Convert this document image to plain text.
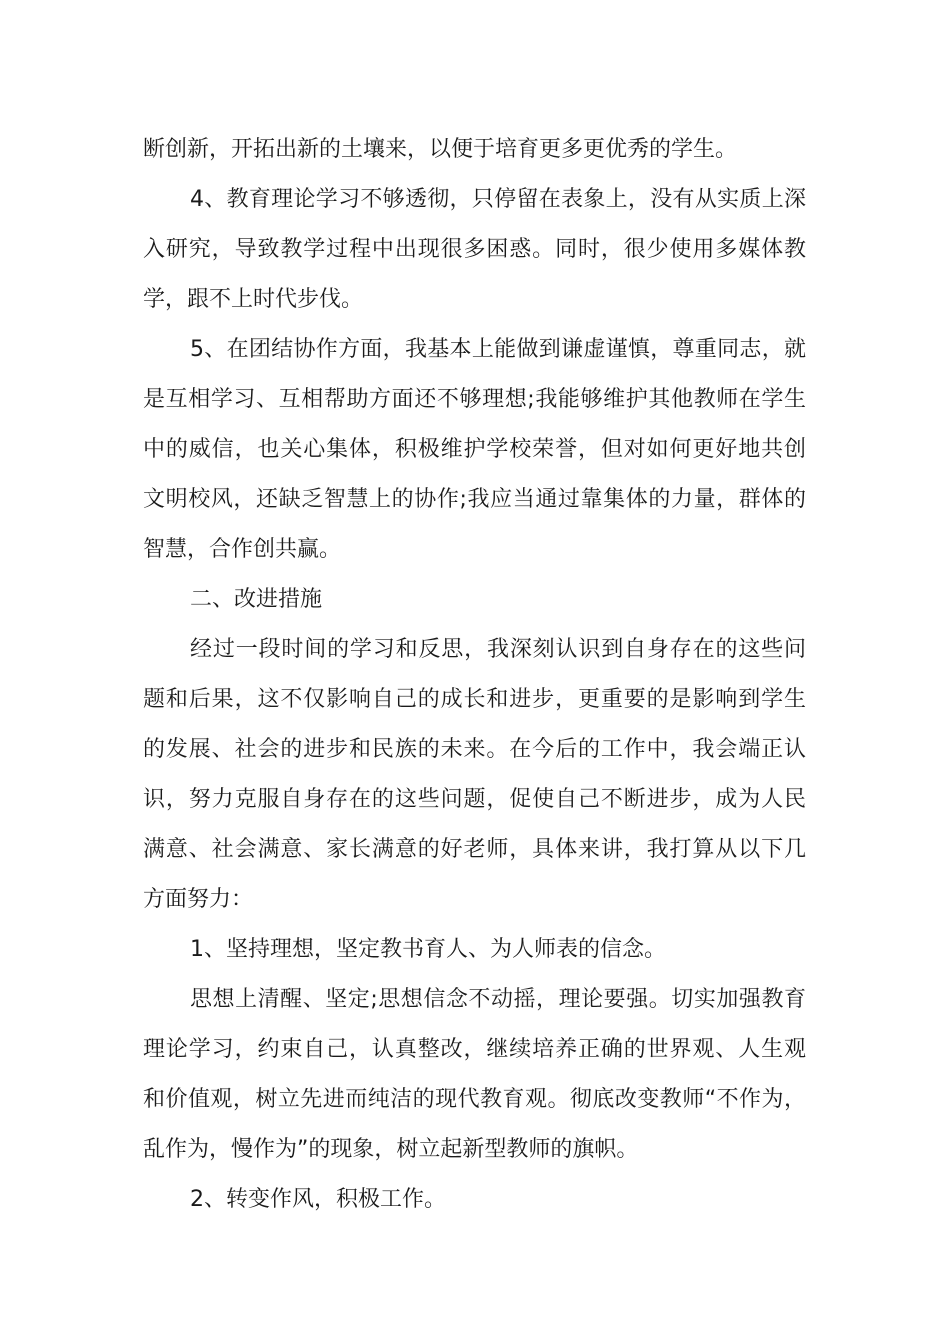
断创新，开拓出新的土壤来，以便于培育更多更优秀的学生。
4、教育理论学习不够透彻，只停留在表象上，没有从实质上深
入研究，导致教学过程中出现很多困惑。同时，很少使用多媒体教
学，跟不上时代步伐。
5、在团结协作方面，我基本上能做到谦虚谨慎，尊重同志，就
是互相学习、互相帮助方面还不够理想;我能够维护其他教师在学生
中的威信，也关心集体，积极维护学校荣誉，但对如何更好地共创
文明校风，还缺乏智慧上的协作;我应当通过靠集体的力量，群体的
智慧，合作创共赢。
二、改进措施
经过一段时间的学习和反思，我深刻认识到自身存在的这些问
题和后果，这不仅影响自己的成长和进步，更重要的是影响到学生
的发展、社会的进步和民族的未来。在今后的工作中，我会端正认
识，努力克服自身存在的这些问题，促使自己不断进步，成为人民
满意、社会满意、家长满意的好老师，具体来讲，我打算从以下几
方面努力：
1、坚持理想，坚定教书育人、为人师表的信念。
思想上清醒、坚定;思想信念不动摇，理论要强。切实加强教育
理论学习，约束自己，认真整改，继续培养正确的世界观、人生观
和价值观，树立先进而纯洁的现代教育观。彻底改变教师“不作为，
乱作为，慢作为”的现象，树立起新型教师的旗帜。
2、转变作风，积极工作。
